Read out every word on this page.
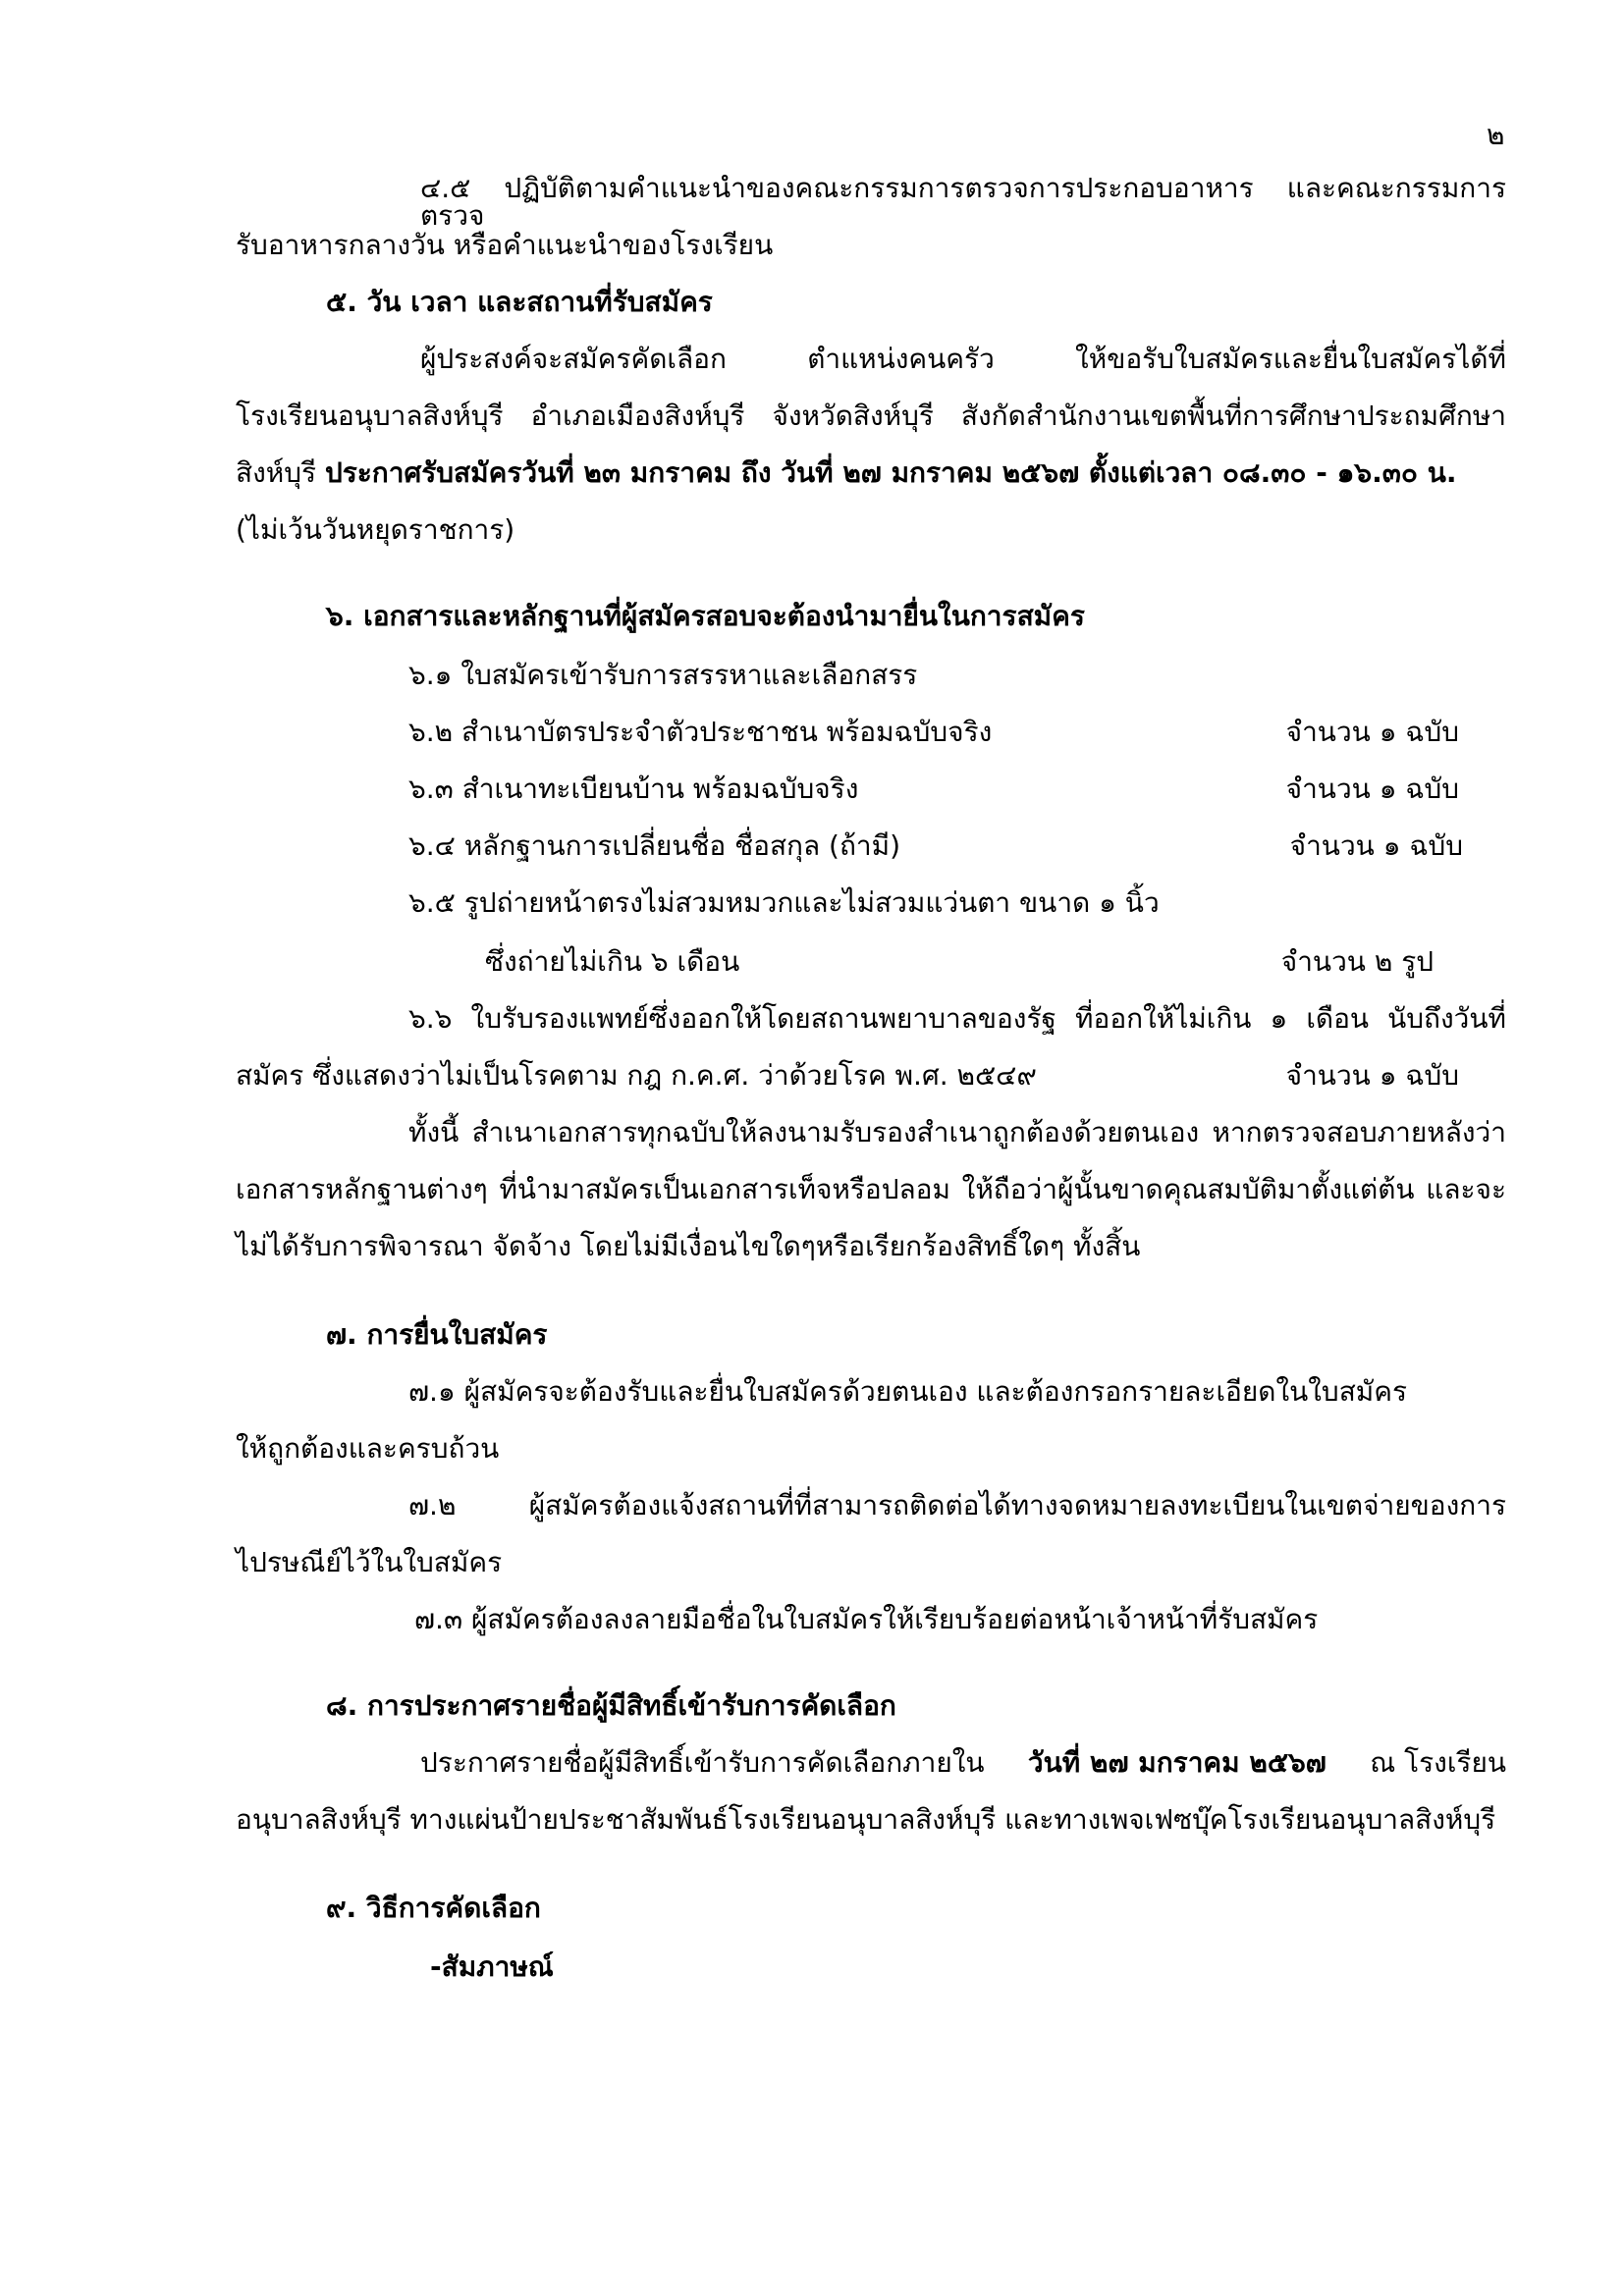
๒
๔.๕ ปฏิบัติตามคำแนะนำของคณะกรรมการตรวจการประกอบอาหาร และคณะกรรมการตรวจ
รับอาหารกลางวัน หรือคำแนะนำของโรงเรียน
๕. วัน เวลา และสถานที่รับสมัคร
ผู้ประสงค์จะสมัครคัดเลือก ตำแหน่งคนครัว ให้ขอรับใบสมัครและยื่นใบสมัครได้ที่
โรงเรียนอนุบาลสิงห์บุรี อำเภอเมืองสิงห์บุรี จังหวัดสิงห์บุรี สังกัดสำนักงานเขตพื้นที่การศึกษาประถมศึกษา
สิงห์บุรี ประกาศรับสมัครวันที่ ๒๓ มกราคม ถึง วันที่ ๒๗ มกราคม ๒๕๖๗ ตั้งแต่เวลา ๐๘.๓๐ - ๑๖.๓๐ น.
(ไม่เว้นวันหยุดราชการ)
๖. เอกสารและหลักฐานที่ผู้สมัครสอบจะต้องนำมายื่นในการสมัคร
๖.๑ ใบสมัครเข้ารับการสรรหาและเลือกสรร
๖.๒ สำเนาบัตรประจำตัวประชาชน พร้อมฉบับจริง	จำนวน ๑ ฉบับ
๖.๓ สำเนาทะเบียนบ้าน พร้อมฉบับจริง	จำนวน ๑ ฉบับ
๖.๔ หลักฐานการเปลี่ยนชื่อ ชื่อสกุล (ถ้ามี)	จำนวน ๑ ฉบับ
๖.๕ รูปถ่ายหน้าตรงไม่สวมหมวกและไม่สวมแว่นตา ขนาด ๑ นิ้ว
ซึ่งถ่ายไม่เกิน ๖ เดือน	จำนวน ๒ รูป
๖.๖ ใบรับรองแพทย์ซึ่งออกให้โดยสถานพยาบาลของรัฐ ที่ออกให้ไม่เกิน ๑ เดือน นับถึงวันที่
สมัคร ซึ่งแสดงว่าไม่เป็นโรคตาม กฎ ก.ค.ศ. ว่าด้วยโรค พ.ศ. ๒๕๔๙	จำนวน ๑ ฉบับ
ทั้งนี้ สำเนาเอกสารทุกฉบับให้ลงนามรับรองสำเนาถูกต้องด้วยตนเอง หากตรวจสอบภายหลังว่า
เอกสารหลักฐานต่างๆ ที่นำมาสมัครเป็นเอกสารเท็จหรือปลอม ให้ถือว่าผู้นั้นขาดคุณสมบัติมาตั้งแต่ต้น และจะ
ไม่ได้รับการพิจารณา จัดจ้าง โดยไม่มีเงื่อนไขใดๆหรือเรียกร้องสิทธิ์ใดๆ ทั้งสิ้น
๗. การยื่นใบสมัคร
๗.๑ ผู้สมัครจะต้องรับและยื่นใบสมัครด้วยตนเอง และต้องกรอกรายละเอียดในใบสมัคร
ให้ถูกต้องและครบถ้วน
๗.๒ ผู้สมัครต้องแจ้งสถานที่ที่สามารถติดต่อได้ทางจดหมายลงทะเบียนในเขตจ่ายของการ
ไปรษณีย์ไว้ในใบสมัคร
๗.๓ ผู้สมัครต้องลงลายมือชื่อในใบสมัครให้เรียบร้อยต่อหน้าเจ้าหน้าที่รับสมัคร
๘. การประกาศรายชื่อผู้มีสิทธิ์เข้ารับการคัดเลือก
ประกาศรายชื่อผู้มีสิทธิ์เข้ารับการคัดเลือกภายใน วันที่ ๒๗ มกราคม ๒๕๖๗ ณ โรงเรียน
อนุบาลสิงห์บุรี ทางแผ่นป้ายประชาสัมพันธ์โรงเรียนอนุบาลสิงห์บุรี และทางเพจเฟซบุ๊คโรงเรียนอนุบาลสิงห์บุรี
๙. วิธีการคัดเลือก
-สัมภาษณ์
